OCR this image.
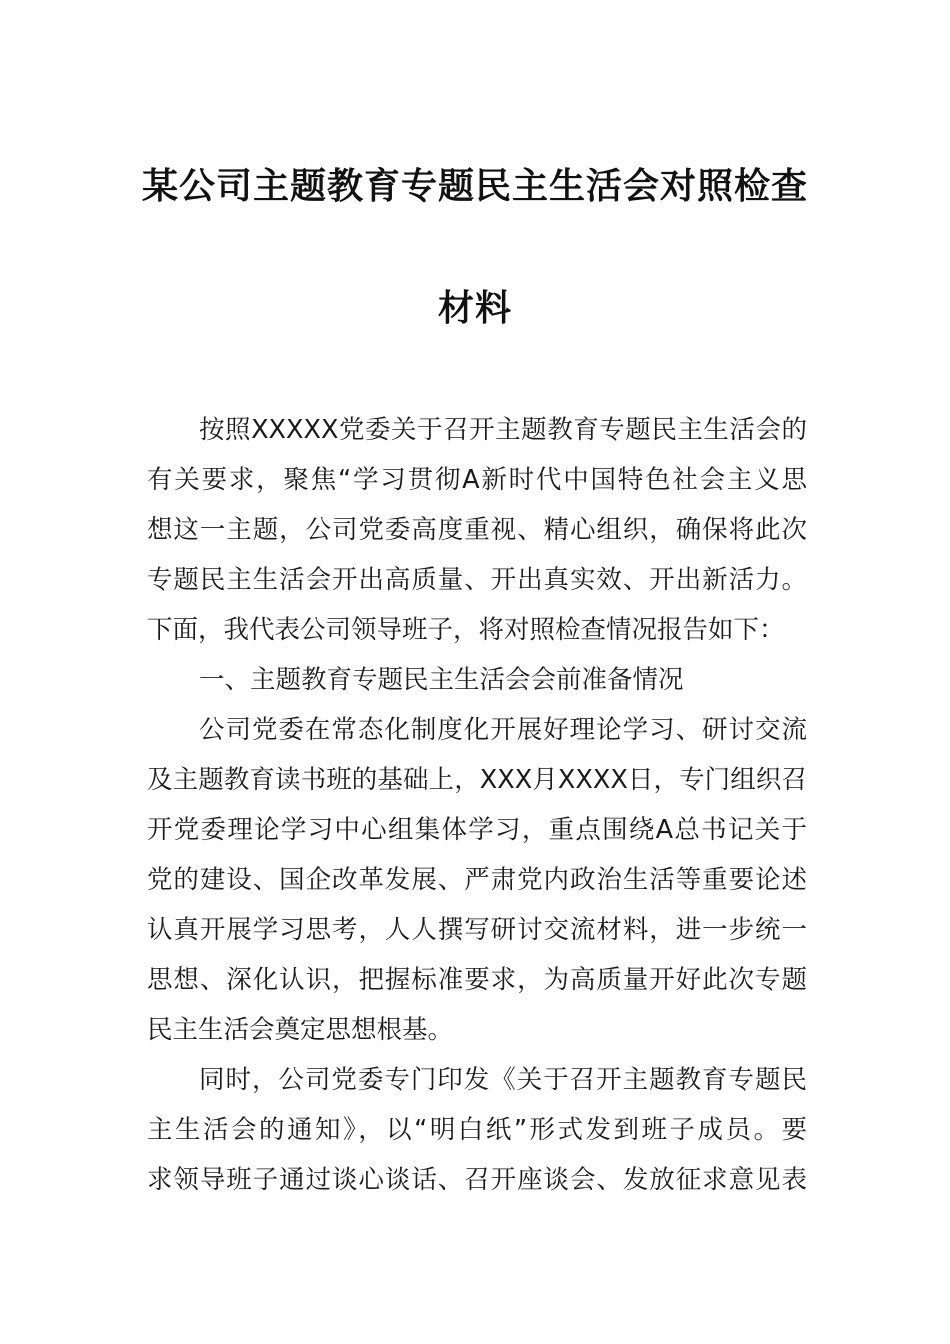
某公司主题教育专题民主生活会对照检查
材料
按照XXXXX党委关于召开主题教育专题民主生活会的
有关要求，聚焦“学习贯彻A新时代中国特色社会主义思
想这一主题，公司党委高度重视、精心组织，确保将此次
专题民主生活会开出高质量、开出真实效、开出新活力。
下面，我代表公司领导班子，将对照检查情况报告如下：
一、主题教育专题民主生活会会前准备情况
公司党委在常态化制度化开展好理论学习、研讨交流
及主题教育读书班的基础上，XXX月XXXX日，专门组织召
开党委理论学习中心组集体学习，重点围绕A总书记关于
党的建设、国企改革发展、严肃党内政治生活等重要论述
认真开展学习思考，人人撰写研讨交流材料，进一步统一
思想、深化认识，把握标准要求，为高质量开好此次专题
民主生活会奠定思想根基。
同时，公司党委专门印发《关于召开主题教育专题民
主生活会的通知》，以“明白纸”形式发到班子成员。要
求领导班子通过谈心谈话、召开座谈会、发放征求意见表
